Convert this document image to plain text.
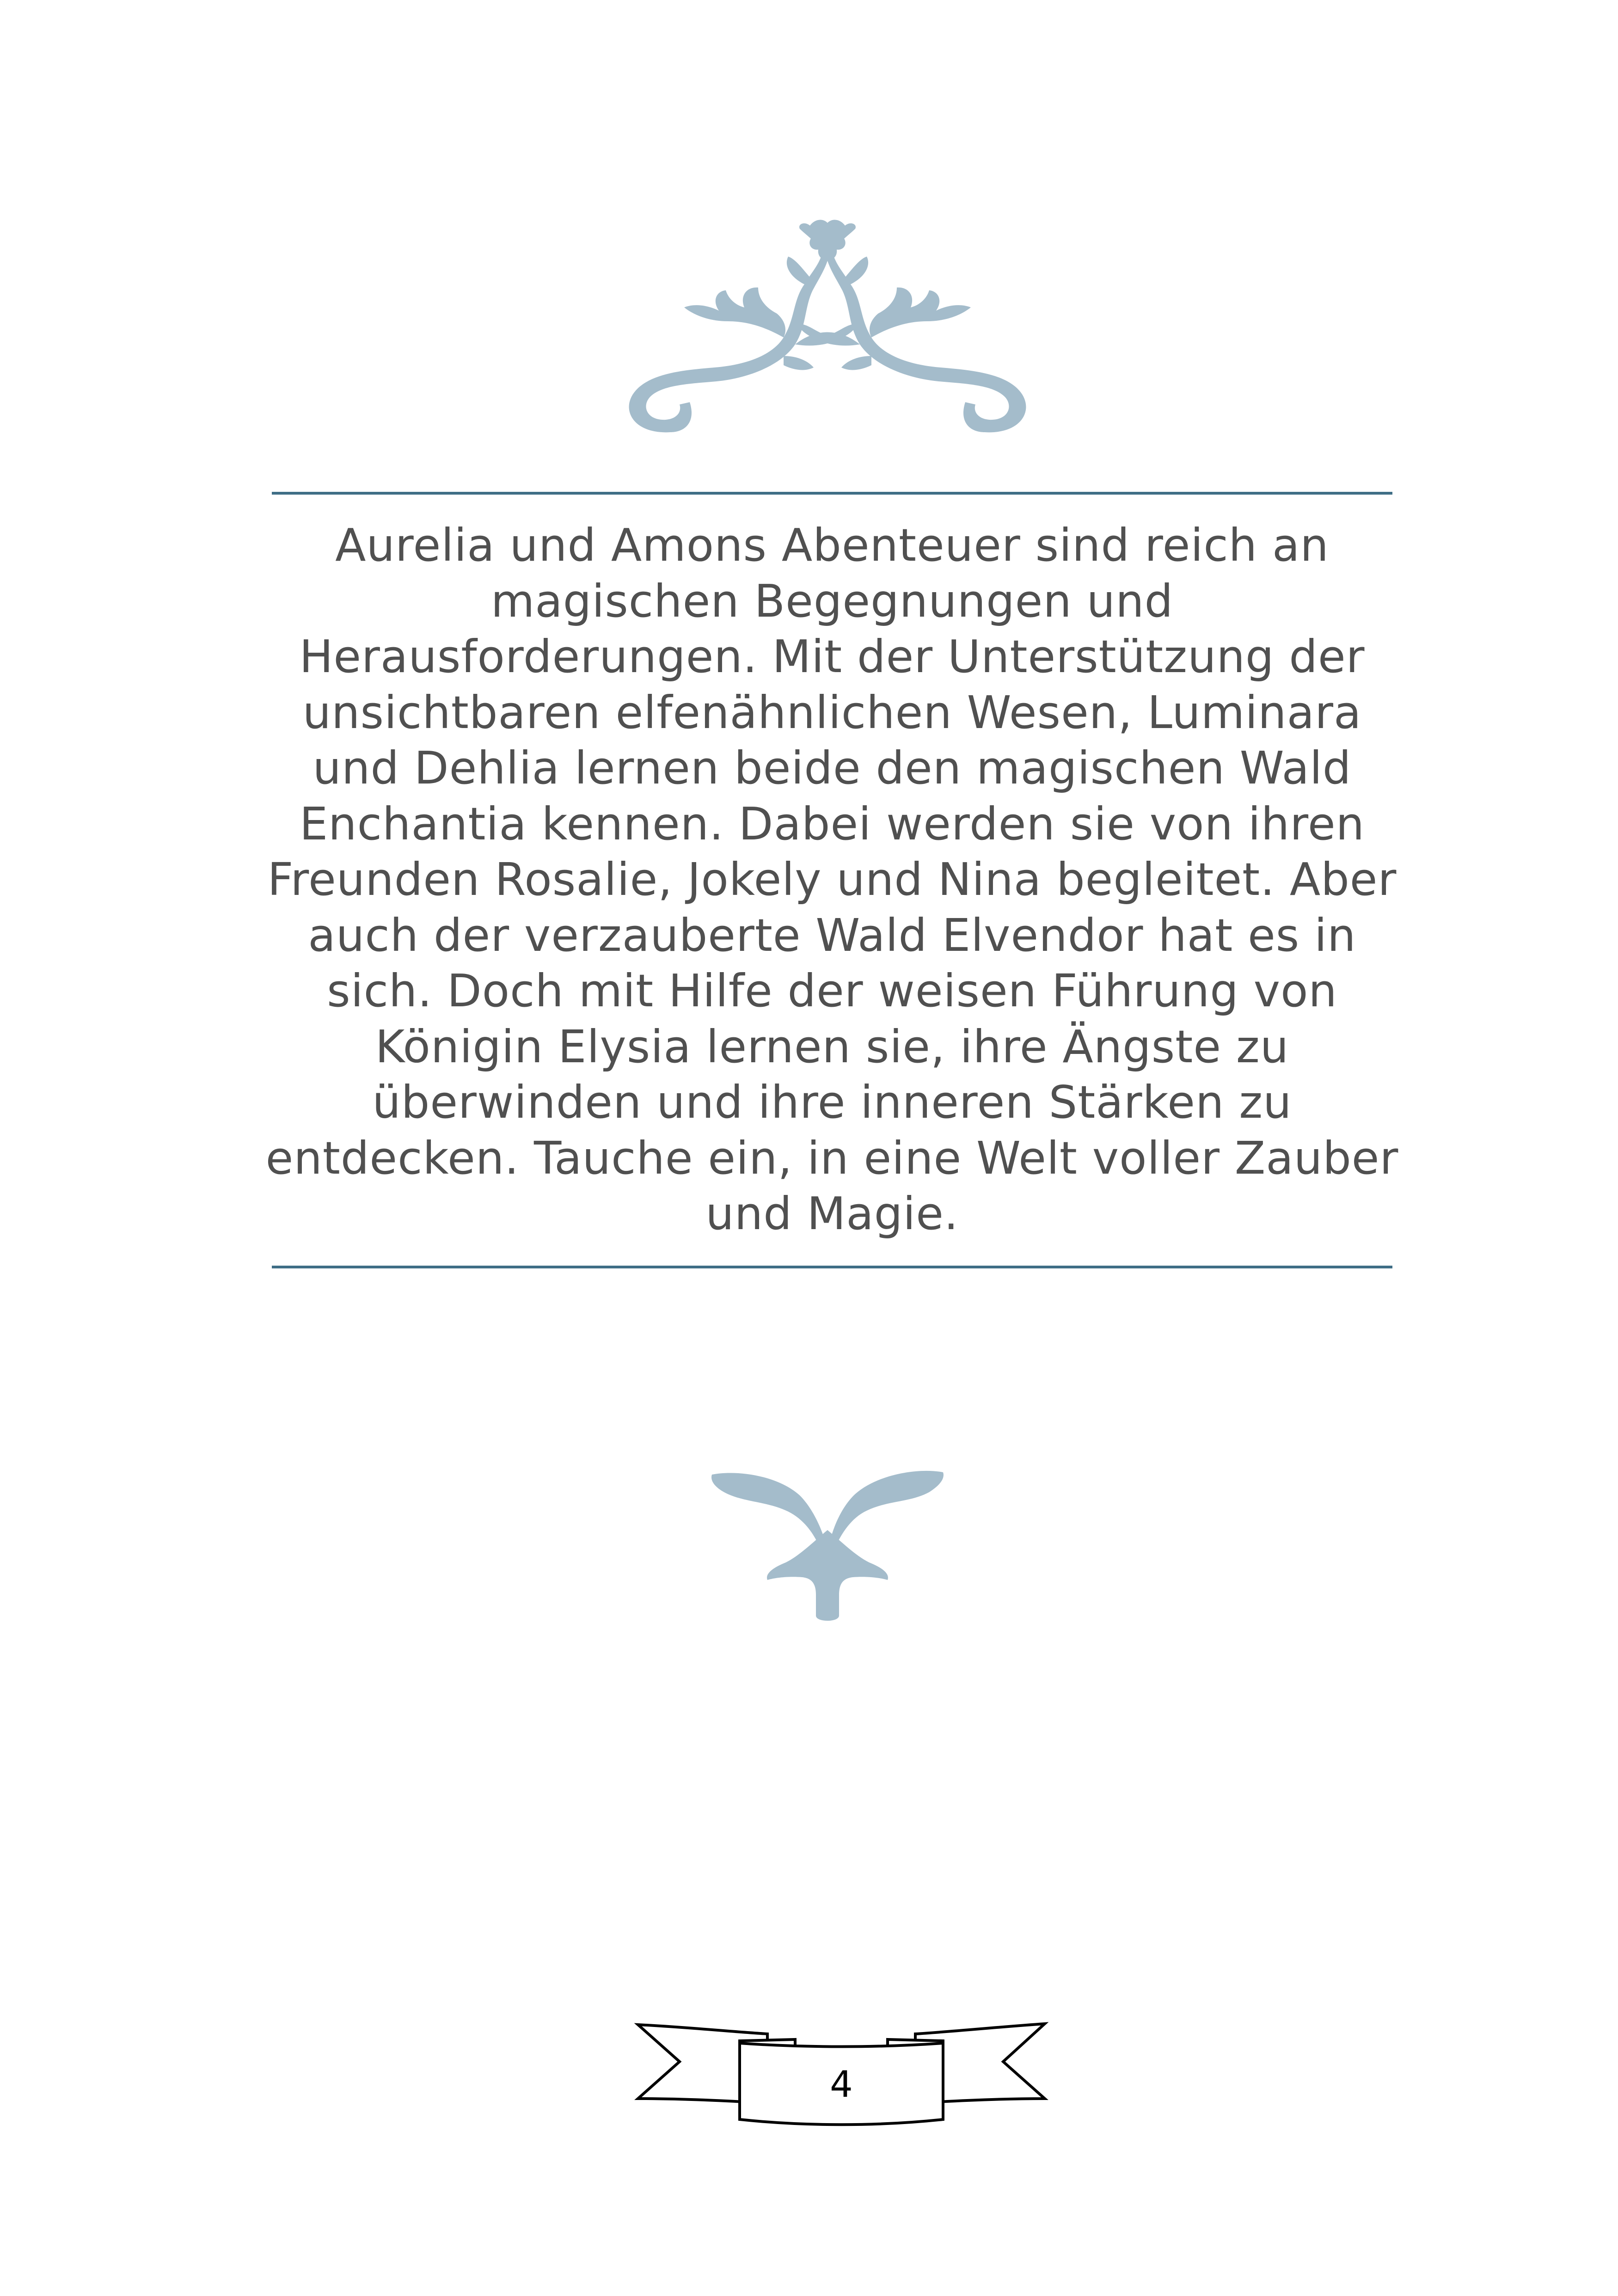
Aurelia und Amons Abenteuer sind reich an magischen Begegnungen und Herausforderungen. Mit der Unterstützung der unsichtbaren elfenähnlichen Wesen, Luminara und Dehlia lernen beide den magischen Wald Enchantia kennen. Dabei werden sie von ihren Freunden Rosalie, Jokely und Nina begleitet. Aber auch der verzauberte Wald Elvendor hat es in sich. Doch mit Hilfe der weisen Führung von Königin Elysia lernen sie, ihre Ängste zu überwinden und ihre inneren Stärken zu entdecken. Tauche ein, in eine Welt voller Zauber und Magie.

4
